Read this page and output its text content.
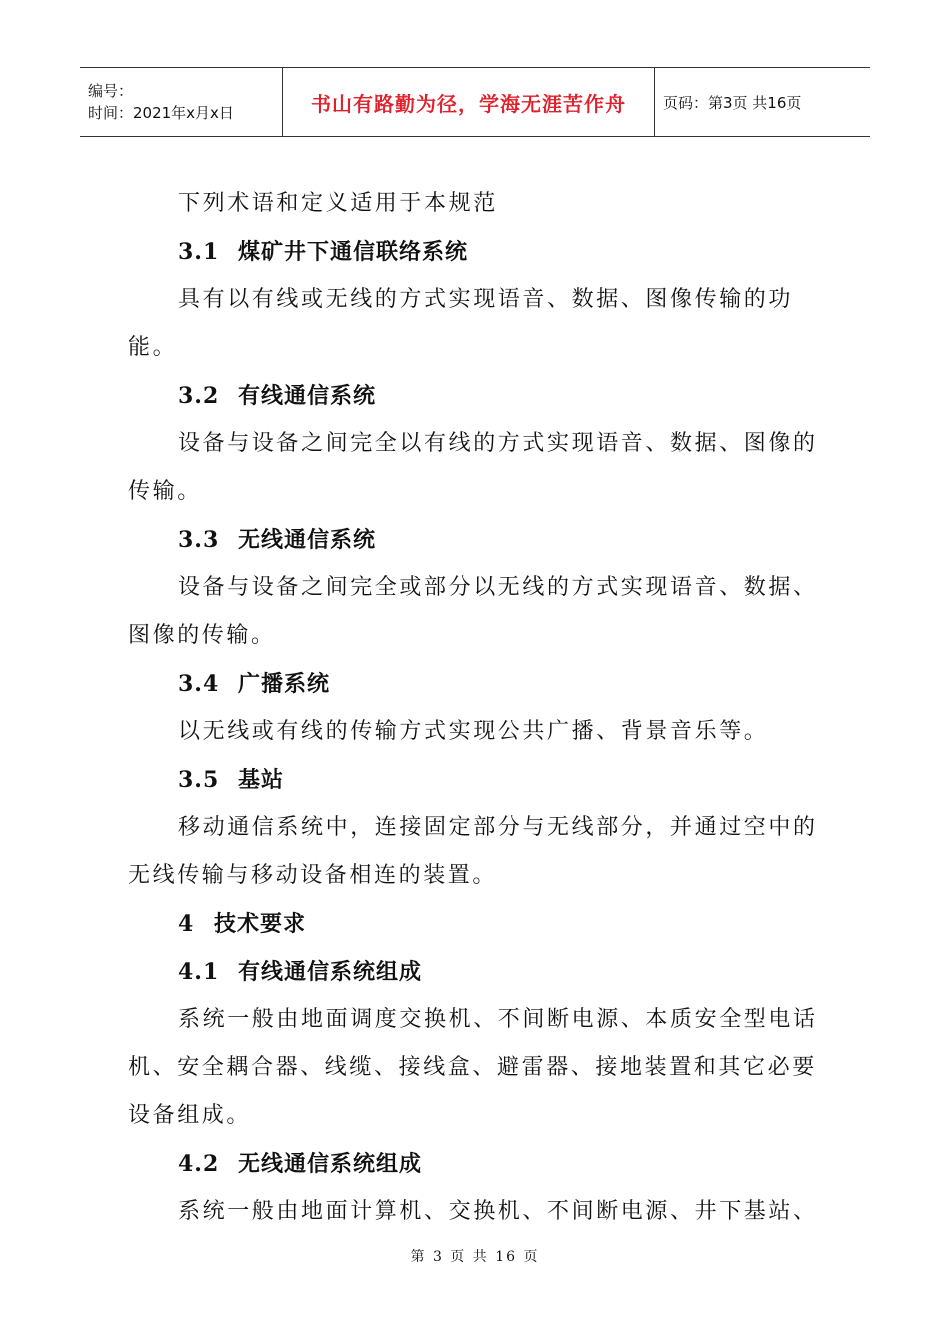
编号：
时间：2021年x月x日	书山有路勤为径，学海无涯苦作舟 页码：第3页 共16页

下列术语和定义适用于本规范

3.1 煤矿井下通信联络系统

具有以有线或无线的方式实现语音、数据、图像传输的功能。

3.2 有线通信系统

设备与设备之间完全以有线的方式实现语音、数据、图像的传输。

3.3 无线通信系统

设备与设备之间完全或部分以无线的方式实现语音、数据、图像的传输。

3.4 广播系统

以无线或有线的传输方式实现公共广播、背景音乐等。

3.5 基站

移动通信系统中，连接固定部分与无线部分，并通过空中的无线传输与移动设备相连的装置。

4 技术要求

4.1 有线通信系统组成

系统一般由地面调度交换机、不间断电源、本质安全型电话机、安全耦合器、线缆、接线盒、避雷器、接地装置和其它必要设备组成。

4.2 无线通信系统组成

系统一般由地面计算机、交换机、不间断电源、井下基站、

第 3 页 共 16 页
